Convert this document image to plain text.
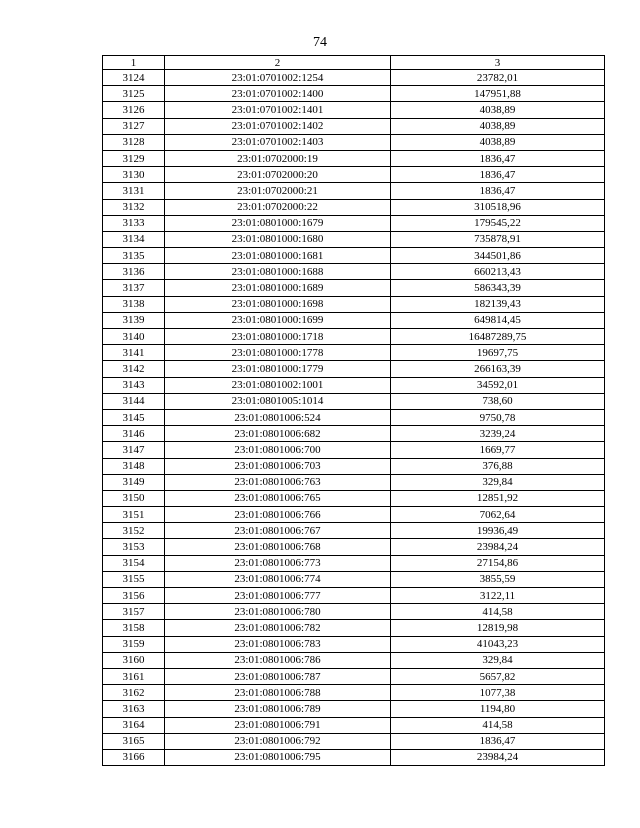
74
1	2	3
3124	23:01:0701002:1254	23782,01
3125	23:01:0701002:1400	147951,88
3126	23:01:0701002:1401	4038,89
3127	23:01:0701002:1402	4038,89
3128	23:01:0701002:1403	4038,89
3129	23:01:0702000:19	1836,47
3130	23:01:0702000:20	1836,47
3131	23:01:0702000:21	1836,47
3132	23:01:0702000:22	310518,96
3133	23:01:0801000:1679	179545,22
3134	23:01:0801000:1680	735878,91
3135	23:01:0801000:1681	344501,86
3136	23:01:0801000:1688	660213,43
3137	23:01:0801000:1689	586343,39
3138	23:01:0801000:1698	182139,43
3139	23:01:0801000:1699	649814,45
3140	23:01:0801000:1718	16487289,75
3141	23:01:0801000:1778	19697,75
3142	23:01:0801000:1779	266163,39
3143	23:01:0801002:1001	34592,01
3144	23:01:0801005:1014	738,60
3145	23:01:0801006:524	9750,78
3146	23:01:0801006:682	3239,24
3147	23:01:0801006:700	1669,77
3148	23:01:0801006:703	376,88
3149	23:01:0801006:763	329,84
3150	23:01:0801006:765	12851,92
3151	23:01:0801006:766	7062,64
3152	23:01:0801006:767	19936,49
3153	23:01:0801006:768	23984,24
3154	23:01:0801006:773	27154,86
3155	23:01:0801006:774	3855,59
3156	23:01:0801006:777	3122,11
3157	23:01:0801006:780	414,58
3158	23:01:0801006:782	12819,98
3159	23:01:0801006:783	41043,23
3160	23:01:0801006:786	329,84
3161	23:01:0801006:787	5657,82
3162	23:01:0801006:788	1077,38
3163	23:01:0801006:789	1194,80
3164	23:01:0801006:791	414,58
3165	23:01:0801006:792	1836,47
3166	23:01:0801006:795	23984,24
